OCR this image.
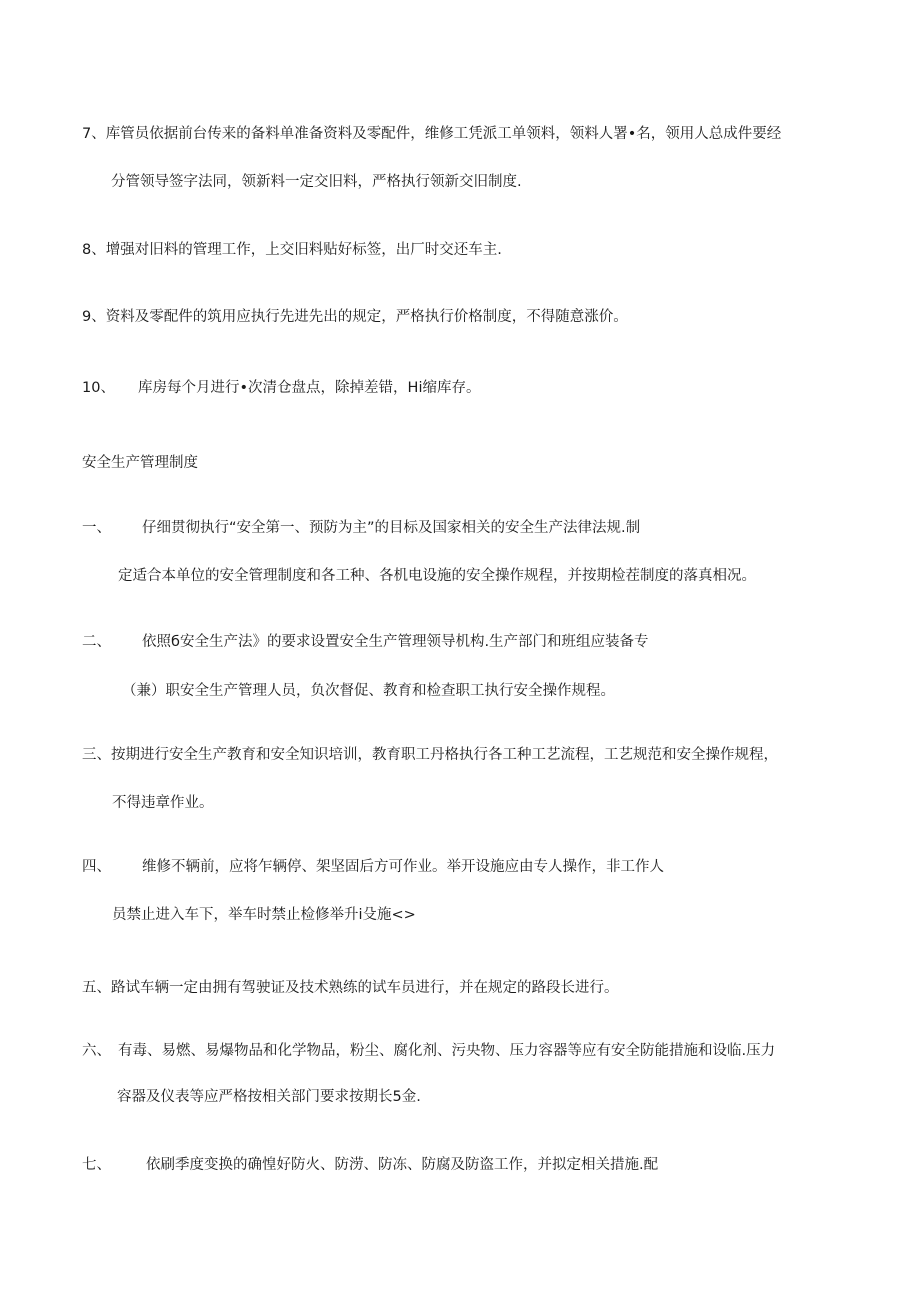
7、库管员依据前台传来的备料单准备资料及零配件，维修工凭派工单领料，领料人署•名，领用人总成件要经
分管领导签字法同，领新料一定交旧料，严格执行领新交旧制度.
8、增强对旧料的管理工作，上交旧料贴好标签，出厂时交还车主.
9、资料及零配件的筑用应执行先进先出的规定，严格执行价格制度，不得随意涨价。
10、 库房每个月进行•次清仓盘点，除掉差错，Hi缩库存。
安全生产管理制度
一、 仔细贯彻执行“安全第一、预防为主”的目标及国家相关的安全生产法律法规.制
定适合本单位的安全管理制度和各工种、各机电设施的安全操作规程，并按期检茬制度的落真相况。
二、 依照б安全生产法》的要求设置安全生产管理领导机构.生产部门和班组应装备专
（兼）职安全生产管理人员，负次督促、教育和检查职工执行安全操作规程。
三、按期进行安全生产教育和安全知识培训，教育职工丹格执行各工种工艺流程，工艺规范和安全操作规程，
不得违章作业。
四、 维修不辆前，应将乍辆停、架坚固后方可作业。举开设施应由专人操作，非工作人
员禁止进入车下，举车时禁止检修举升i殳施<>
五、路试车辆一定由拥有驾驶证及技术熟练的试车员进行，并在规定的路段长进行。
六、 有毒、易燃、易爆物品和化学物品，粉尘、腐化剂、污央物、压力容器等应有安全防能措施和设临.压力
容器及仪表等应严格按相关部门要求按期长5金.
七、 依刷季度变换的确惶好防火、防涝、防冻、防腐及防盗工作，并拟定相关措施.配
